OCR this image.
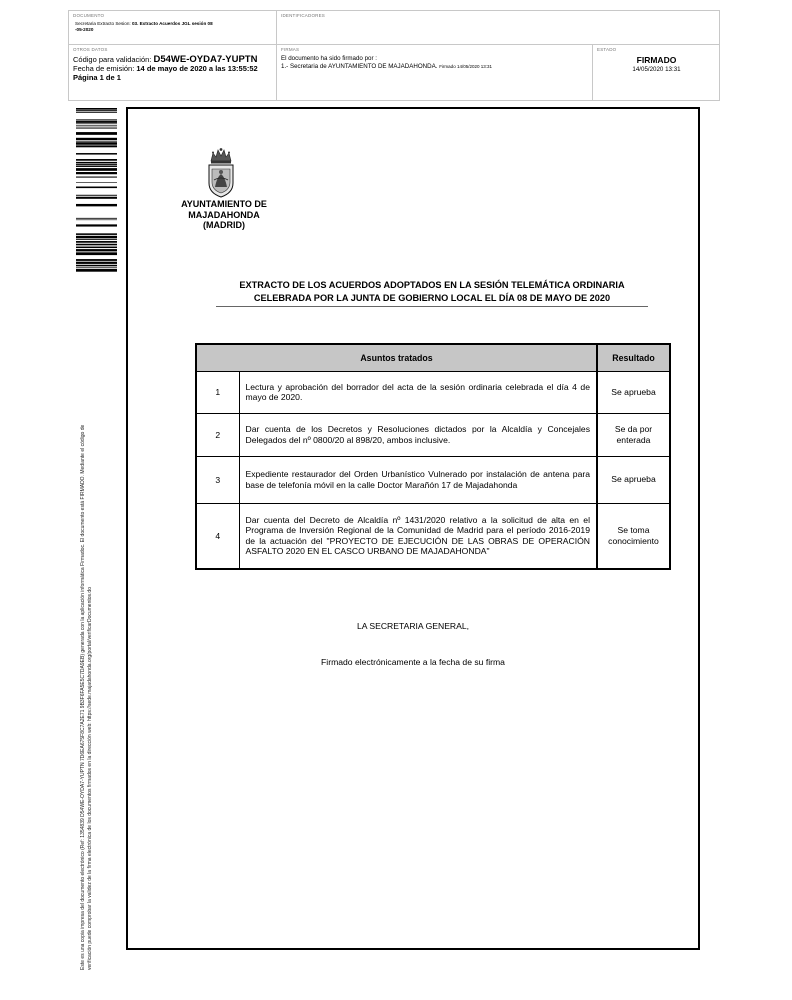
DOCUMENTO
Secretaria Extracto Sesion: 03. Extracto Acuerdos JGL sesión 08
-05-2020
IDENTIFICADORES
OTROS DATOS
Código para validación: D54WE-OYDA7-YUPTN
Fecha de emisión: 14 de mayo de 2020 a las 13:55:52
Página 1 de 1
FIRMAS
El documento ha sido firmado por :
1.- Secretaria de AYUNTAMIENTO DE MAJADAHONDA. Firmado 14/05/2020 13:31
ESTADO
FIRMADO
14/05/2020 13:31
Este es una copia impresa del documento electrónico (Ref: 1354839 D54WE-OYDA7-YUPTN 7D6EA675F8C7A2E71 9B3F6FA5E5C7DA9EB) generada con la aplicación informática Firmadoc. El documento está FIRMADO. Mediante el código de verificación puede comprobar la validez de la firma electrónica de los documentos firmados en la dirección web: https://sede.majadahonda.org/portal/verificarDocumentos.do
AYUNTAMIENTO DE
MAJADAHONDA
(MADRID)
EXTRACTO DE LOS ACUERDOS ADOPTADOS EN LA SESIÓN TELEMÁTICA ORDINARIA
CELEBRADA POR LA JUNTA DE GOBIERNO LOCAL EL DÍA 08 DE MAYO DE 2020
Asuntos tratados		Resultado
1	Lectura y aprobación del borrador del acta de la sesión ordinaria celebrada el día 4 de mayo de 2020.	Se aprueba
2	Dar cuenta de los Decretos y Resoluciones dictados por la Alcaldía y Concejales Delegados del nº 0800/20 al 898/20, ambos inclusive.	Se da por enterada
3	Expediente restaurador del Orden Urbanístico Vulnerado por instalación de antena para base de telefonía móvil en la calle Doctor Marañón 17 de Majadahonda	Se aprueba
4	Dar cuenta del Decreto de Alcaldía nº 1431/2020 relativo a la solicitud de alta en el Programa de Inversión Regional de la Comunidad de Madrid para el período 2016-2019 de la actuación del "PROYECTO DE EJECUCIÓN DE LAS OBRAS DE OPERACIÓN ASFALTO 2020 EN EL CASCO URBANO DE MAJADAHONDA"	Se toma conocimiento
LA SECRETARIA GENERAL,
Firmado electrónicamente a la fecha de su firma
